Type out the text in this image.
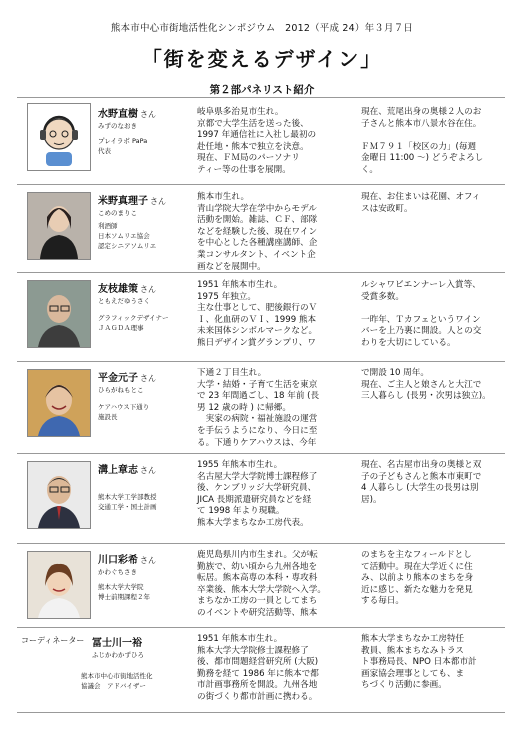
熊本市中心市街地活性化シンポジウム　2012（平成 24）年３月７日
「街を変えるデザイン」
第２部パネリスト紹介
水野直樹 さん
みずのなおき
プレイラボ PaPa
代表
岐阜県多治見市生れ。
京都で大学生活を送った後、
1997 年通信社に入社し最初の
赴任地・熊本で独立を決意。
現在、ＦＭ局のパーソナリ
ティー等の仕事を展開。
現在、荒尾出身の奥様２人のお
子さんと熊本市八景水谷在住。

ＦＭ７９１「校区の力」(毎週
金曜日 11:00 ～) どうぞよろし
く。
米野真理子 さん
こめのまりこ
利酒師
日本ソムリエ協会
認定シニアソムリエ
熊本市生れ。
青山学院大学在学中からモデル
活動を開始。雑誌、ＣＦ、部隊
などを経験した後、現在ワイン
を中心とした各種講座講師、企
業コンサルタント、イベント企
画などを展開中。
現在、お住まいは花園、オフィ
スは安政町。
友枝雄策 さん
ともえだゆうさく
グラフィックデザイナー
ＪＡＧＤＡ理事
1951 年熊本市生れ。
1975 年独立。
主な仕事として、肥後銀行のＶ
Ｉ、化血研のＶＩ、1999 熊本
未来国体シンボルマークなど。
熊日デザイン賞グランプリ、ワ
ルシャワビエンナーレ入賞等、
受賞多数。

一昨年、Ｔカフェというワイン
バーを上乃裏に開設。人との交
わりを大切にしている。
平金元子 さん
ひらがねもとこ
ケアハウス下通り
施設長
下通２丁目生れ。
大学・結婚・子育て生活を東京
で 23 年間過ごし、18 年前 (長
男 12 歳の時 ) に帰郷。
　実家の病院・福祉施設の運営
を手伝うようになり、今日に至
る。下通りケアハウスは、今年
で開設 10 周年。
現在、ご主人と娘さんと大江で
三人暮らし (長男・次男は独立)。
溝上章志 さん
熊本大学工学部教授
交通工学・国土計画
1955 年熊本市生れ。
名古屋大学大学院博士課程修了
後、ケンブリッジ大学研究員、
JICA 長期派遣研究員などを経
て 1998 年より現職。
熊本大学まちなか工房代表。
現在、名古屋市出身の奥様と双
子の子どもさんと熊本市東町で
4 人暮らし (大学生の長男は別
居)。
川口彩希 さん
かわぐちさき
熊本大学大学院
博士前期課程２年
鹿児島県川内市生まれ。父が転
勤族で、幼い頃から九州各地を
転居。熊本高専の本科・専攻科
卒業後、熊本大学大学院へ入学。
まちなか工房の一員としてまち
のイベントや研究活動等、熊本
のまちを主なフィールドとし
て活動中。現在大学近くに住
み、以前より熊本のまちを身
近に感じ、新たな魅力を発見
する毎日。
コーディネーター 冨士川一裕
ふじかわかずひろ
熊本市中心市街地活性化
協議会　アドバイザー
1951 年熊本市生れ。
熊本大学大学院修士課程修了
後、都市問題経営研究所 (大阪)
勤務を経て 1986 年に熊本で都
市計画事務所を開設。九州各地
の街づくり都市計画に携わる。
熊本大学まちなか工房特任
教員、熊本まちなみトラス
ト事務局長、NPO 日本都市計
画家協会理事としても、ま
ちづくり活動に参画。
